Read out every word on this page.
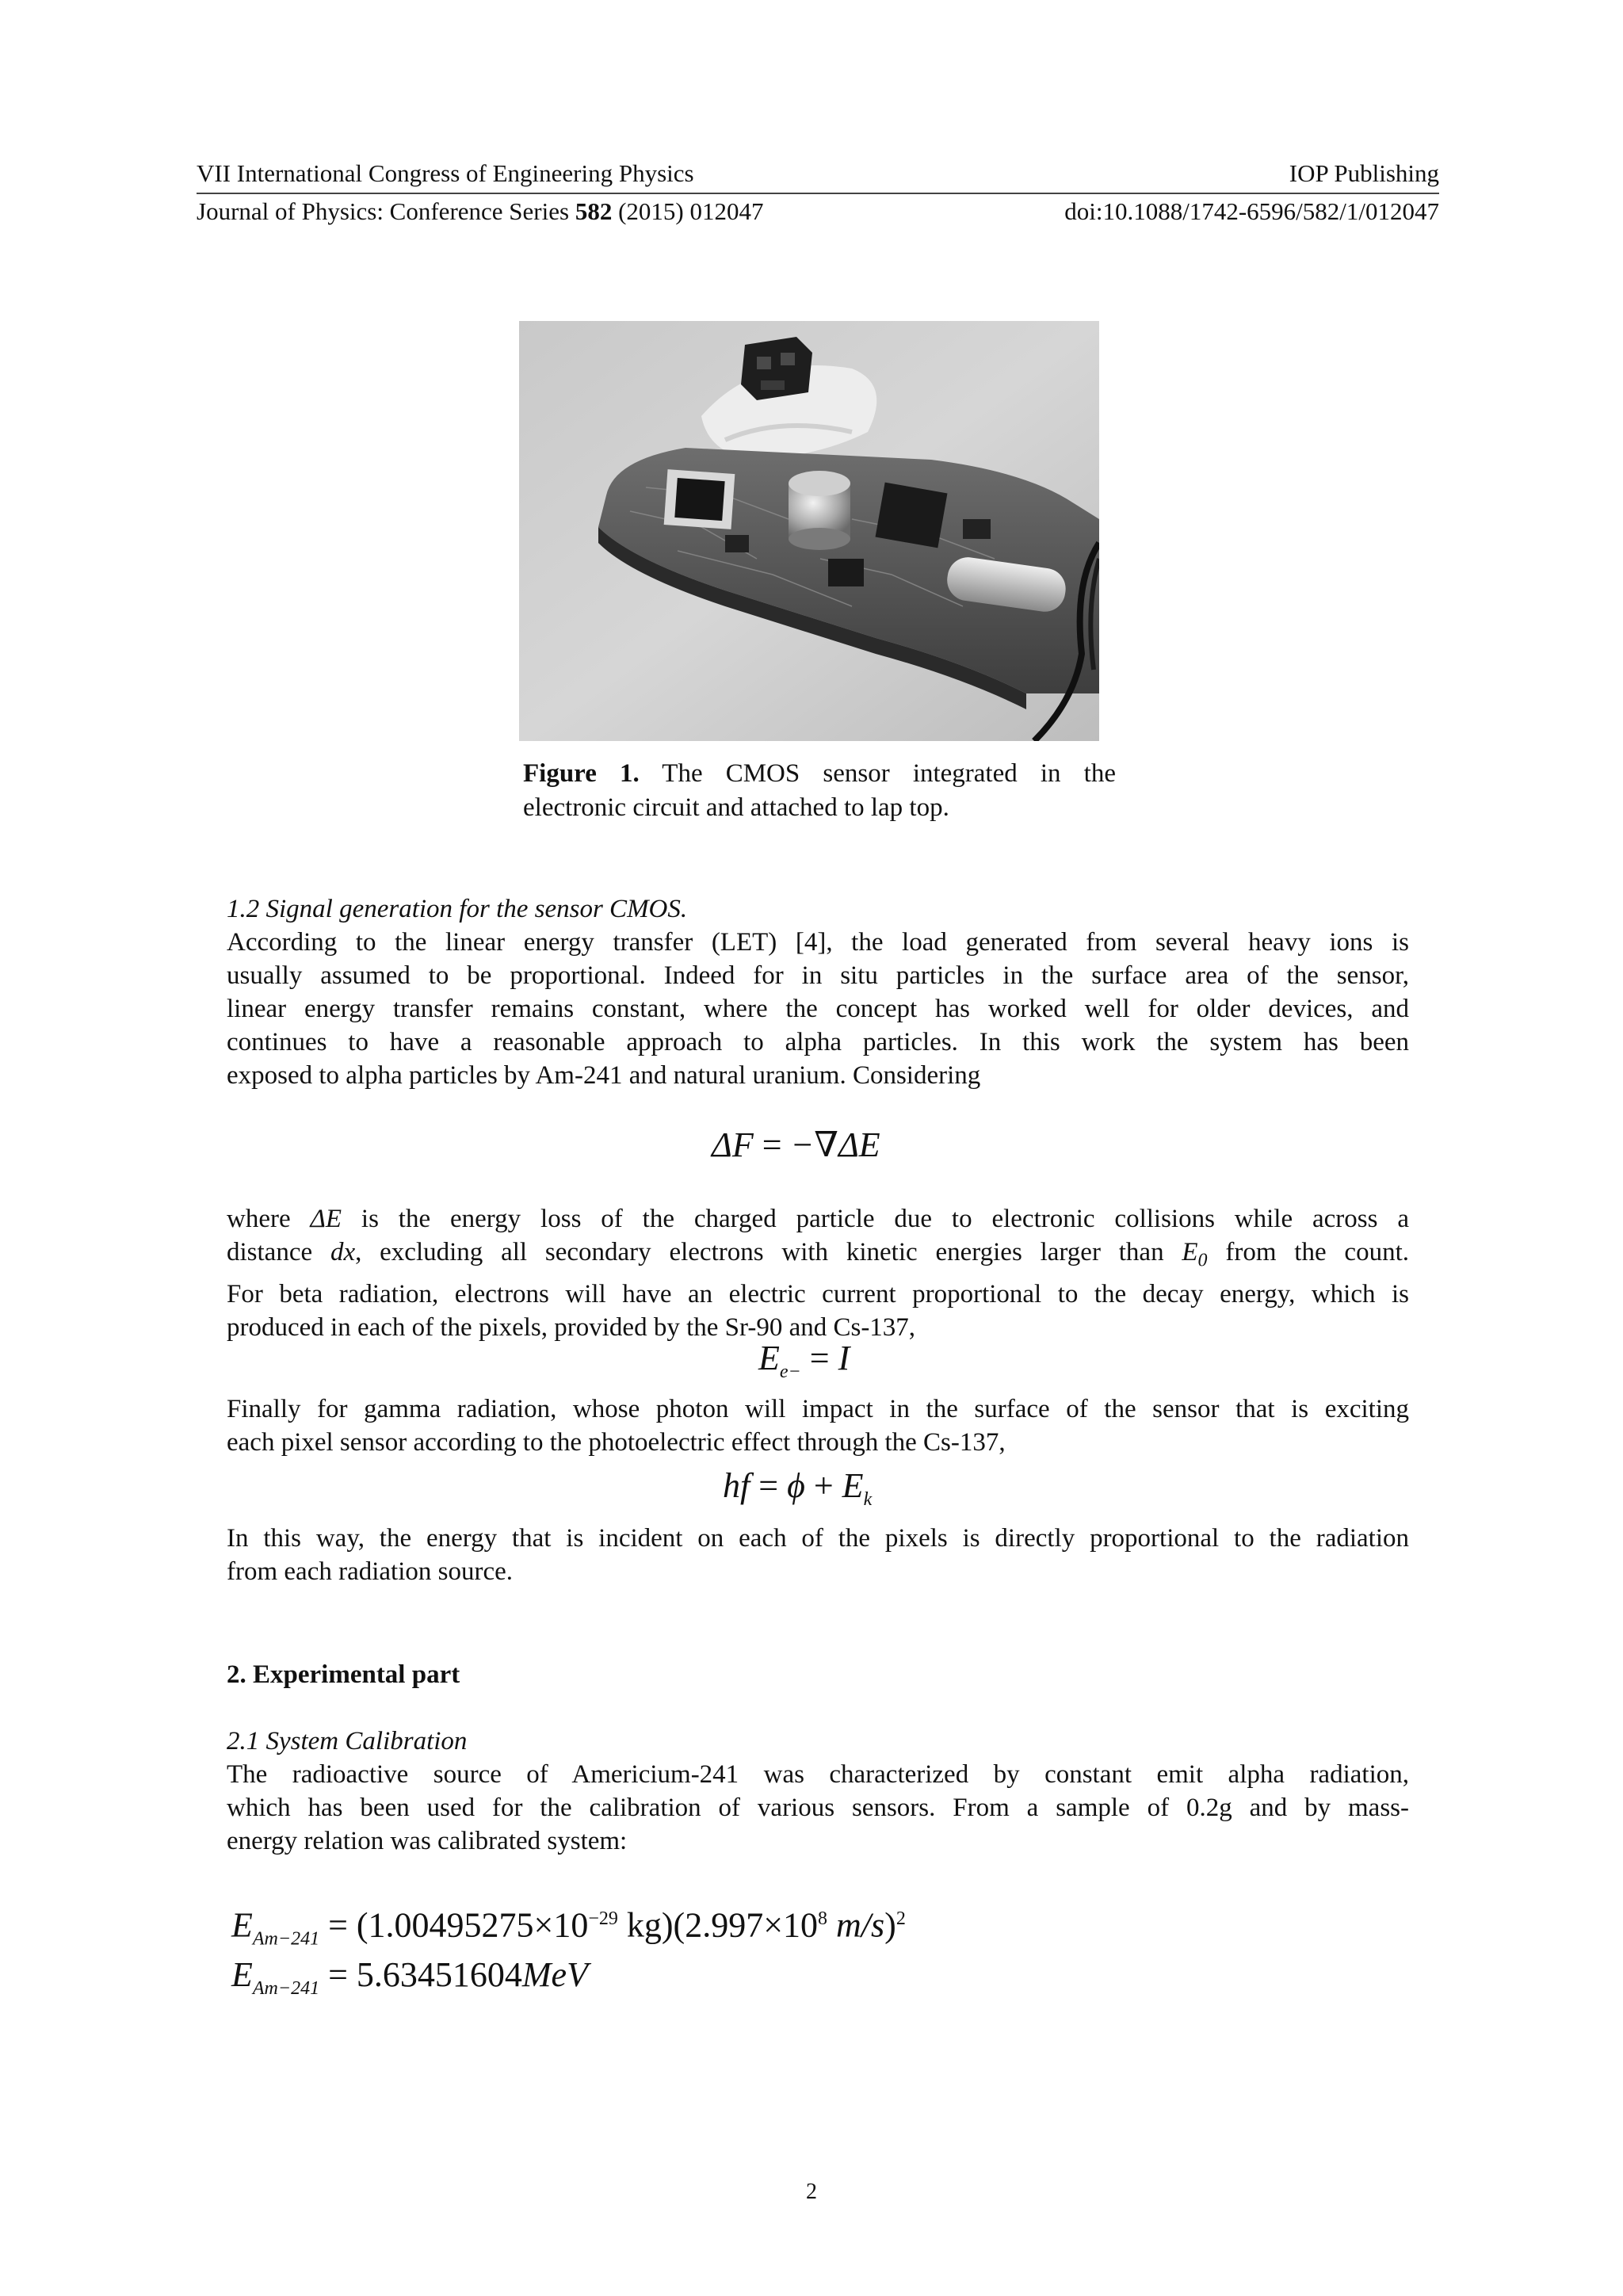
VII International Congress of Engineering Physics	IOP Publishing
Journal of Physics: Conference Series 582 (2015) 012047	doi:10.1088/1742-6596/582/1/012047
Figure 1. The CMOS sensor integrated in the
electronic circuit and attached to lap top.
1.2 Signal generation for the sensor CMOS.
According to the linear energy transfer (LET) [4], the load generated from several heavy ions is
usually assumed to be proportional. Indeed for in situ particles in the surface area of the sensor,
linear energy transfer remains constant, where the concept has worked well for older devices, and
continues to have a reasonable approach to alpha particles. In this work the system has been
exposed to alpha particles by Am-241 and natural uranium. Considering
ΔF = −∇ΔE
where ΔE is the energy loss of the charged particle due to electronic collisions while across a
distance dx, excluding all secondary electrons with kinetic energies larger than $E_0$ from the count.
For beta radiation, electrons will have an electric current proportional to the decay energy, which is
produced in each of the pixels, provided by the Sr-90 and Cs-137,
$E_{e-} = I$
Finally for gamma radiation, whose photon will impact in the surface of the sensor that is exciting
each pixel sensor according to the photoelectric effect through the Cs-137,
hf = $\phi + E_k$
In this way, the energy that is incident on each of the pixels is directly proportional to the radiation
from each radiation source.
2. Experimental part
2.1 System Calibration
The radioactive source of Americium-241 was characterized by constant emit alpha radiation,
which has been used for the calibration of various sensors. From a sample of 0.2g and by mass-
energy relation was calibrated system:
$E_{Am-241} = (1.00495275\times 10^{-29}$ $kg)(2.997\times 10^8$ m/s)$^2$
$E_{Am-241} = 5.63451604MeV$
2
